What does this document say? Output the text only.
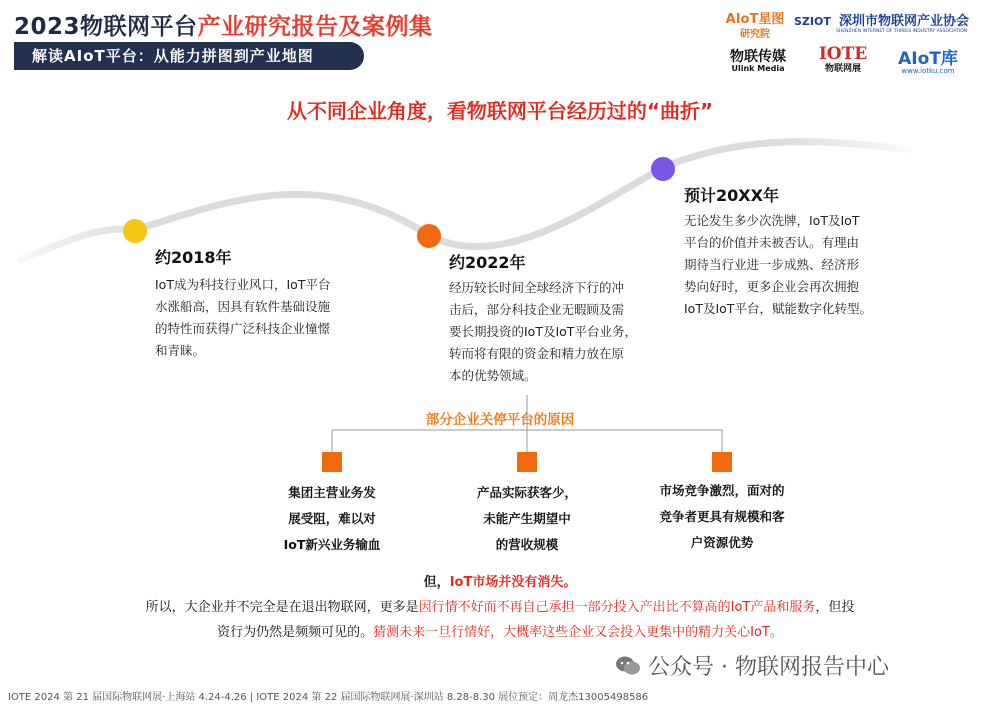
2023物联网平台产业研究报告及案例集
解读AIoT平台：从能力拼图到产业地图
AIoT星图
研究院
SZIOT 深圳市物联网产业协会
SHENZHEN INTERNET OF THINGS INDUSTRY ASSOCIATION
物联传媒
Ulink Media
IOTE
物联网展	AIoT库
www.iotku.com
从不同企业角度，看物联网平台经历过的“曲折”
约2018年
IoT成为科技行业风口，IoT平台
水涨船高，因具有软件基础设施
的特性而获得广泛科技企业憧憬
和青睐。
约2022年
经历较长时间全球经济下行的冲
击后，部分科技企业无暇顾及需
要长期投资的IoT及IoT平台业务，
转而将有限的资金和精力放在原
本的优势领域。
预计20XX年
无论发生多少次洗牌，IoT及IoT
平台的价值并未被否认。有理由
期待当行业进一步成熟、经济形
势向好时，更多企业会再次拥抱
IoT及IoT平台，赋能数字化转型。
部分企业关停平台的原因
集团主营业务发
展受阻，难以对
IoT新兴业务输血
产品实际获客少，
未能产生期望中
的营收规模
市场竞争激烈，面对的
竞争者更具有规模和客
户资源优势
但，IoT市场并没有消失。
所以，大企业并不完全是在退出物联网，更多是因行情不好而不再自己承担一部分投入产出比不算高的IoT产品和服务，但投
资行为仍然是频频可见的。猜测未来一旦行情好，大概率这些企业又会投入更集中的精力关心IoT。
公众号 · 物联网报告中心
IOTE 2024 第 21 届国际物联网展·上海站 4.24-4.26 | IOTE 2024 第 22 届国际物联网展·深圳站 8.28-8.30 展位预定：周龙杰13005498586
